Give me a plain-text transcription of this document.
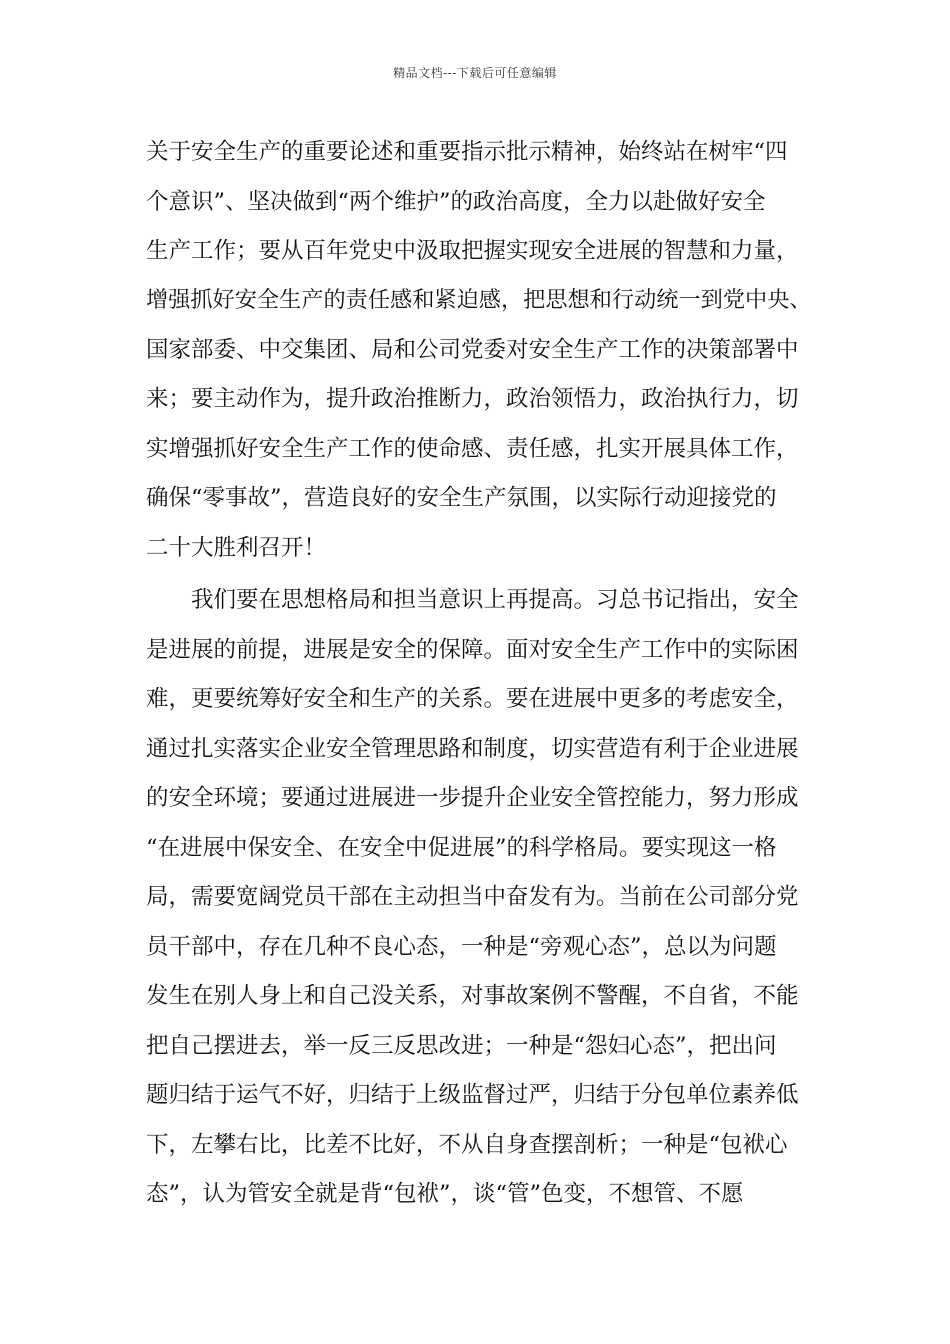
精品文档---下载后可任意编辑
关于安全生产的重要论述和重要指示批示精神，始终站在树牢“四
个意识”、坚决做到“两个维护”的政治高度，全力以赴做好安全
生产工作；要从百年党史中汲取把握实现安全进展的智慧和力量，
增强抓好安全生产的责任感和紧迫感，把思想和行动统一到党中央、
国家部委、中交集团、局和公司党委对安全生产工作的决策部署中
来；要主动作为，提升政治推断力，政治领悟力，政治执行力，切
实增强抓好安全生产工作的使命感、责任感，扎实开展具体工作，
确保“零事故”，营造良好的安全生产氛围，以实际行动迎接党的
二十大胜利召开！
我们要在思想格局和担当意识上再提高。习总书记指出，安全
是进展的前提，进展是安全的保障。面对安全生产工作中的实际困
难，更要统筹好安全和生产的关系。要在进展中更多的考虑安全，
通过扎实落实企业安全管理思路和制度，切实营造有利于企业进展
的安全环境；要通过进展进一步提升企业安全管控能力，努力形成
“在进展中保安全、在安全中促进展”的科学格局。要实现这一格
局，需要宽阔党员干部在主动担当中奋发有为。当前在公司部分党
员干部中，存在几种不良心态，一种是“旁观心态”，总以为问题
发生在别人身上和自己没关系，对事故案例不警醒，不自省，不能
把自己摆进去，举一反三反思改进；一种是“怨妇心态”，把出问
题归结于运气不好，归结于上级监督过严，归结于分包单位素养低
下，左攀右比，比差不比好，不从自身查摆剖析；一种是“包袱心
态”，认为管安全就是背“包袱”，谈“管”色变，不想管、不愿
